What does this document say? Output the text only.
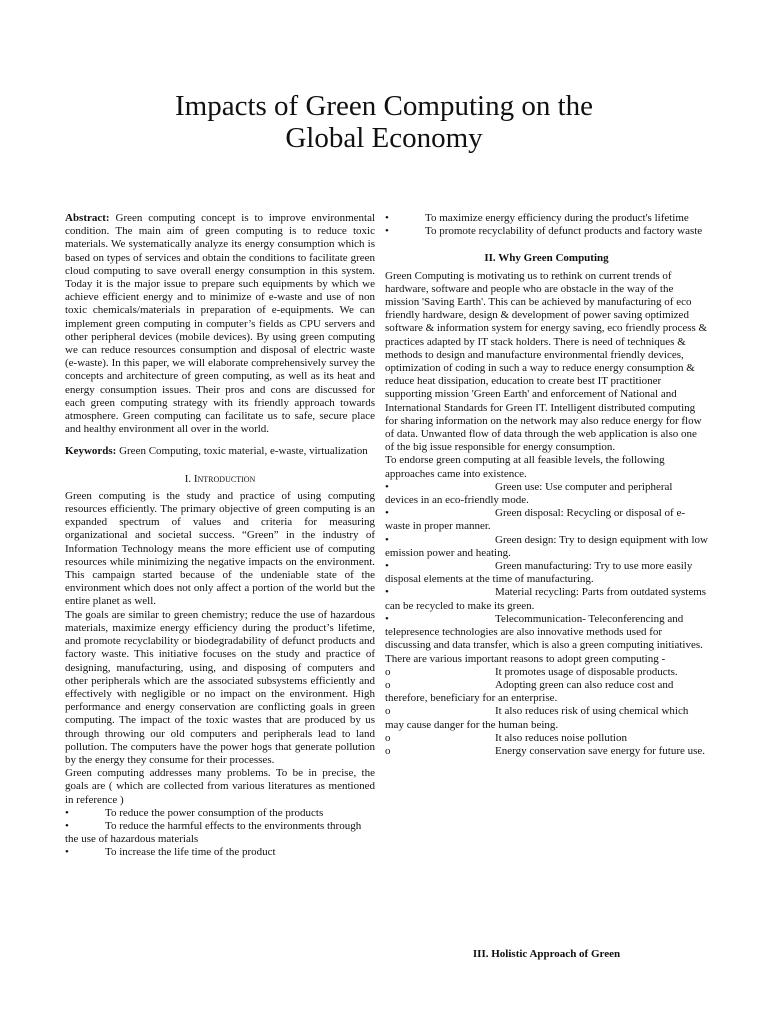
Impacts of Green Computing on the
Global Economy

Abstract: Green computing concept is to improve environmental condition. The main aim of green computing is to reduce toxic materials. We systematically analyze its energy consumption which is based on types of services and obtain the conditions to facilitate green cloud computing to save overall energy consumption in this system. Today it is the major issue to prepare such equipments by which we achieve efficient energy and to minimize of e-waste and use of non toxic chemicals/materials in preparation of e-equipments. We can implement green computing in computer’s fields as CPU servers and other peripheral devices (mobile devices). By using green computing we can reduce resources consumption and disposal of electric waste (e-waste). In this paper, we will elaborate comprehensively survey the concepts and architecture of green computing, as well as its heat and energy consumption issues. Their pros and cons are discussed for each green computing strategy with its friendly approach towards atmosphere. Green computing can facilitate us to safe, secure place and healthy environment all over in the world.

Keywords: Green Computing, toxic material, e-waste, virtualization

I. Introduction

Green computing is the study and practice of using computing resources efficiently. The primary objective of green computing is an expanded spectrum of values and criteria for measuring organizational and societal success. “Green” in the industry of Information Technology means the more efficient use of computing resources while minimizing the negative impacts on the environment. This campaign started because of the undeniable state of the environment which does not only affect a portion of the world but the entire planet as well.

The goals are similar to green chemistry; reduce the use of hazardous materials, maximize energy efficiency during the product’s lifetime, and promote recyclability or biodegradability of defunct products and factory waste. This initiative focuses on the study and practice of designing, manufacturing, using, and disposing of computers and other peripherals which are the associated subsystems efficiently and effectively with negligible or no impact on the environment. High performance and energy conservation are conflicting goals in green computing. The impact of the toxic wastes that are produced by us through throwing our old computers and peripherals lead to land pollution. The computers have the power hogs that generate pollution by the energy they consume for their processes.

Green computing addresses many problems. To be in precise, the goals are ( which are collected from various literatures as mentioned in reference )

•	To reduce the power consumption of the products
•	To reduce the harmful effects to the environments through the use of hazardous materials
•	To increase the life time of the product
•	To maximize energy efficiency during the product's lifetime
•	To promote recyclability of defunct products and factory waste
II. Why Green Computing

Green Computing is motivating us to rethink on current trends of hardware, software and people who are obstacle in the way of the mission 'Saving Earth'. This can be achieved by manufacturing of eco friendly hardware, design & development of power saving optimized software & information system for energy saving, eco friendly process & practices adapted by IT stack holders. There is need of techniques & methods to design and manufacture environmental friendly devices, optimization of coding in such a way to reduce energy consumption & reduce heat dissipation, education to create best IT practitioner supporting mission 'Green Earth' and enforcement of National and International Standards for Green IT. Intelligent distributed computing for sharing information on the network may also reduce energy for flow of data. Unwanted flow of data through the web application is also one of the big issue responsible for energy consumption.

To endorse green computing at all feasible levels, the following approaches came into existence.

•	Green use: Use computer and peripheral devices in an eco-friendly mode.
•	Green disposal: Recycling or disposal of e-waste in proper manner.
•	Green design: Try to design equipment with low emission power and heating.
•	Green manufacturing: Try to use more easily disposal elements at the time of manufacturing.
•	Material recycling: Parts from outdated systems can be recycled to make its green.
•	Telecommunication- Teleconferencing and telepresence technologies are also innovative methods used for discussing and data transfer, which is also a green computing initiatives.

There are various important reasons to adopt green computing -

o	It promotes usage of disposable products.
o	Adopting green can also reduce cost and therefore, beneficiary for an enterprise.
o	It also reduces risk of using chemical which may cause danger for the human being.
o	It also reduces noise pollution
o	Energy conservation save energy for future use.
III. Holistic Approach of Green
